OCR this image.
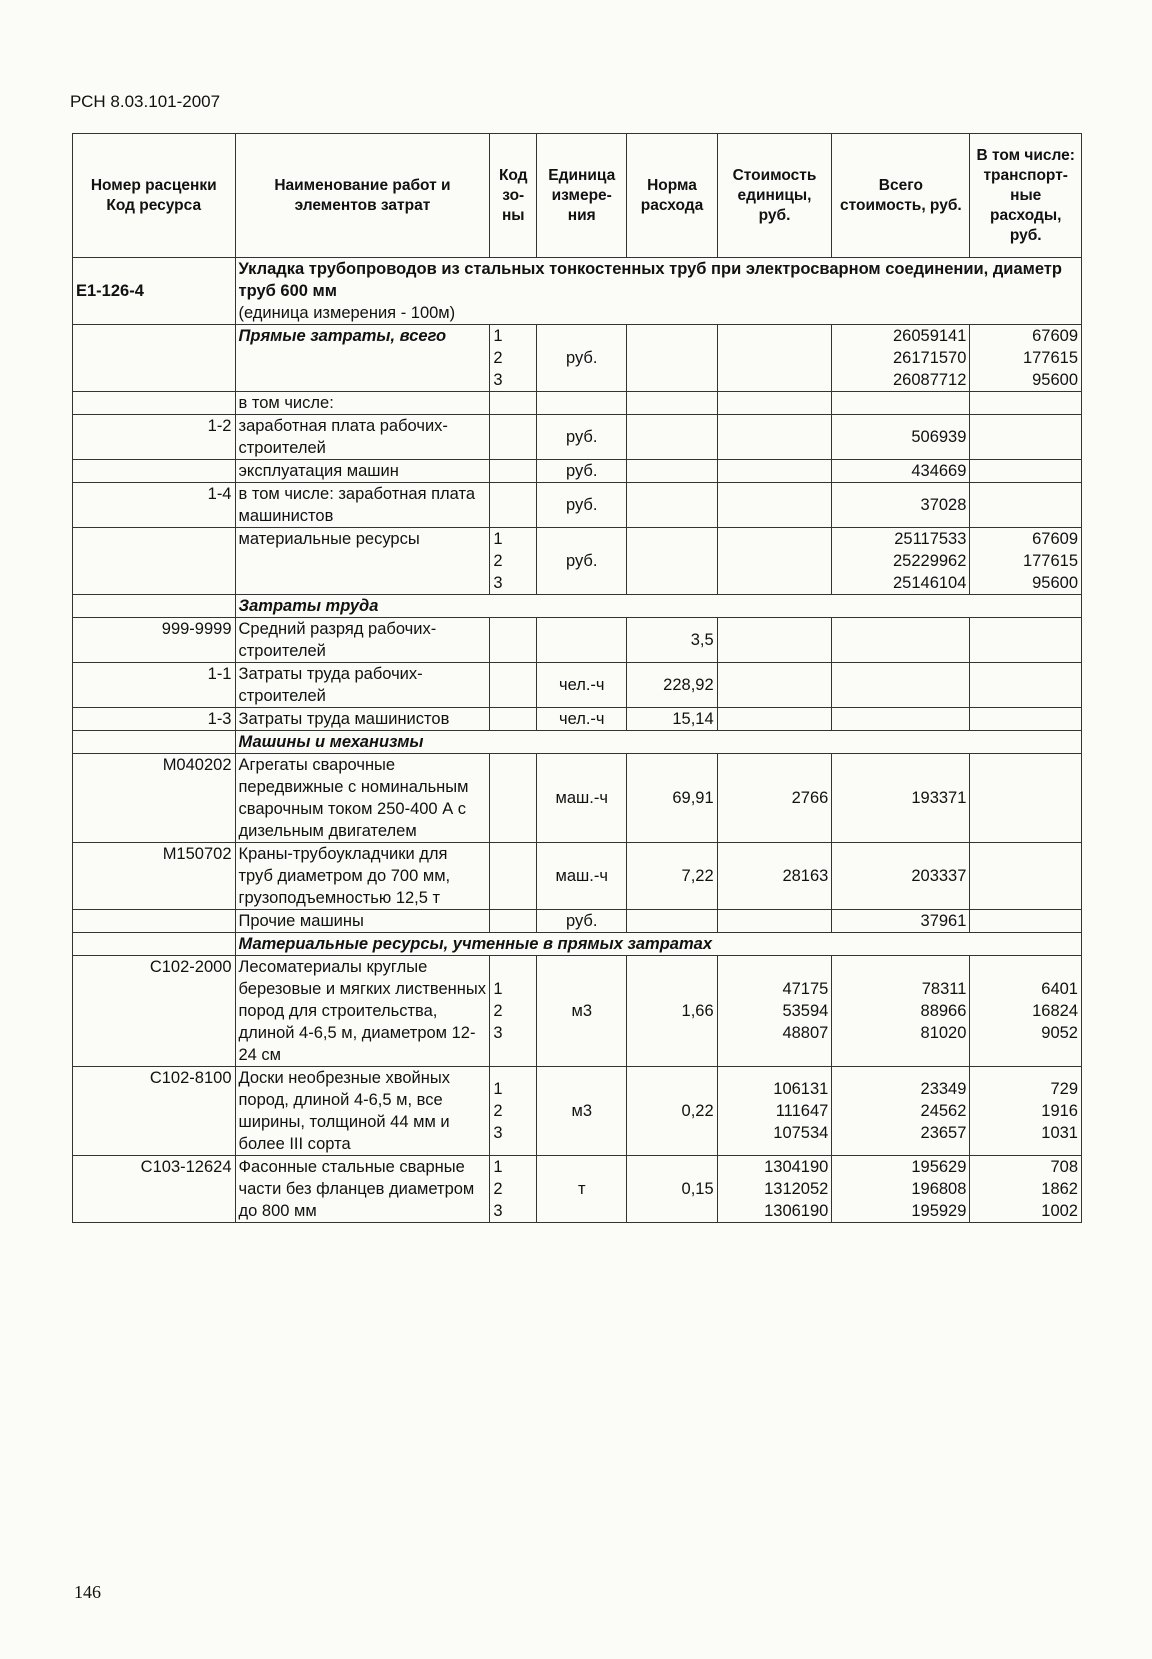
РСН 8.03.101-2007
Номер расценки Код ресурса	Наименование работ и элементов затрат	Код зо-ны	Единица измере-ния	Норма расхода	Стоимость единицы, руб.	Всего стоимость, руб.	В том числе: транспорт-ные расходы, руб.
Е1-126-4	Укладка трубопроводов из стальных тонкостенных труб при электросварном соединении, диаметр труб 600 мм
(единица измерения - 100м)						
	Прямые затраты, всего	1
2
3	руб.			26059141
26171570
26087712	67609
177615
95600

	в том числе:						
1-2	заработная плата рабочих-строителей		руб.			506939	
	эксплуатация машин		руб.			434669	
1-4	в том числе: заработная плата машинистов		руб.			37028	
	материальные ресурсы	1
2
3	руб.			25117533
25229962
25146104	67609
177615
95600

	Затраты труда						
999-9999	Средний разряд рабочих-строителей			3,5			
1-1	Затраты труда рабочих-строителей		чел.-ч	228,92			
1-3	Затраты труда машинистов		чел.-ч	15,14			
	Машины и механизмы						
М040202	Агрегаты сварочные передвижные с номинальным сварочным током 250-400 А с дизельным двигателем		маш.-ч	69,91	2766	193371	
М150702	Краны-трубоукладчики для труб диаметром до 700 мм, грузоподъемностью 12,5 т		маш.-ч	7,22	28163	203337	
	Прочие машины		руб.			37961	
	Материальные ресурсы, учтенные в прямых затратах						
С102-2000	Лесоматериалы круглые березовые и мягких лиственных пород для строительства, длиной 4-6,5 м, диаметром 12-24 см	1
2
3	м3	1,66	47175
53594
48807	78311
88966
81020	6401
16824
9052

С102-8100	Доски необрезные хвойных пород, длиной 4-6,5 м, все ширины, толщиной 44 мм и более III сорта	1
2
3	м3	0,22	106131
111647
107534	23349
24562
23657	729
1916
1031

С103-12624	Фасонные стальные сварные части без фланцев диаметром до 800 мм	1
2
3	т	0,15	1304190
1312052
1306190	195629
196808
195929	708
1862
1002
146
